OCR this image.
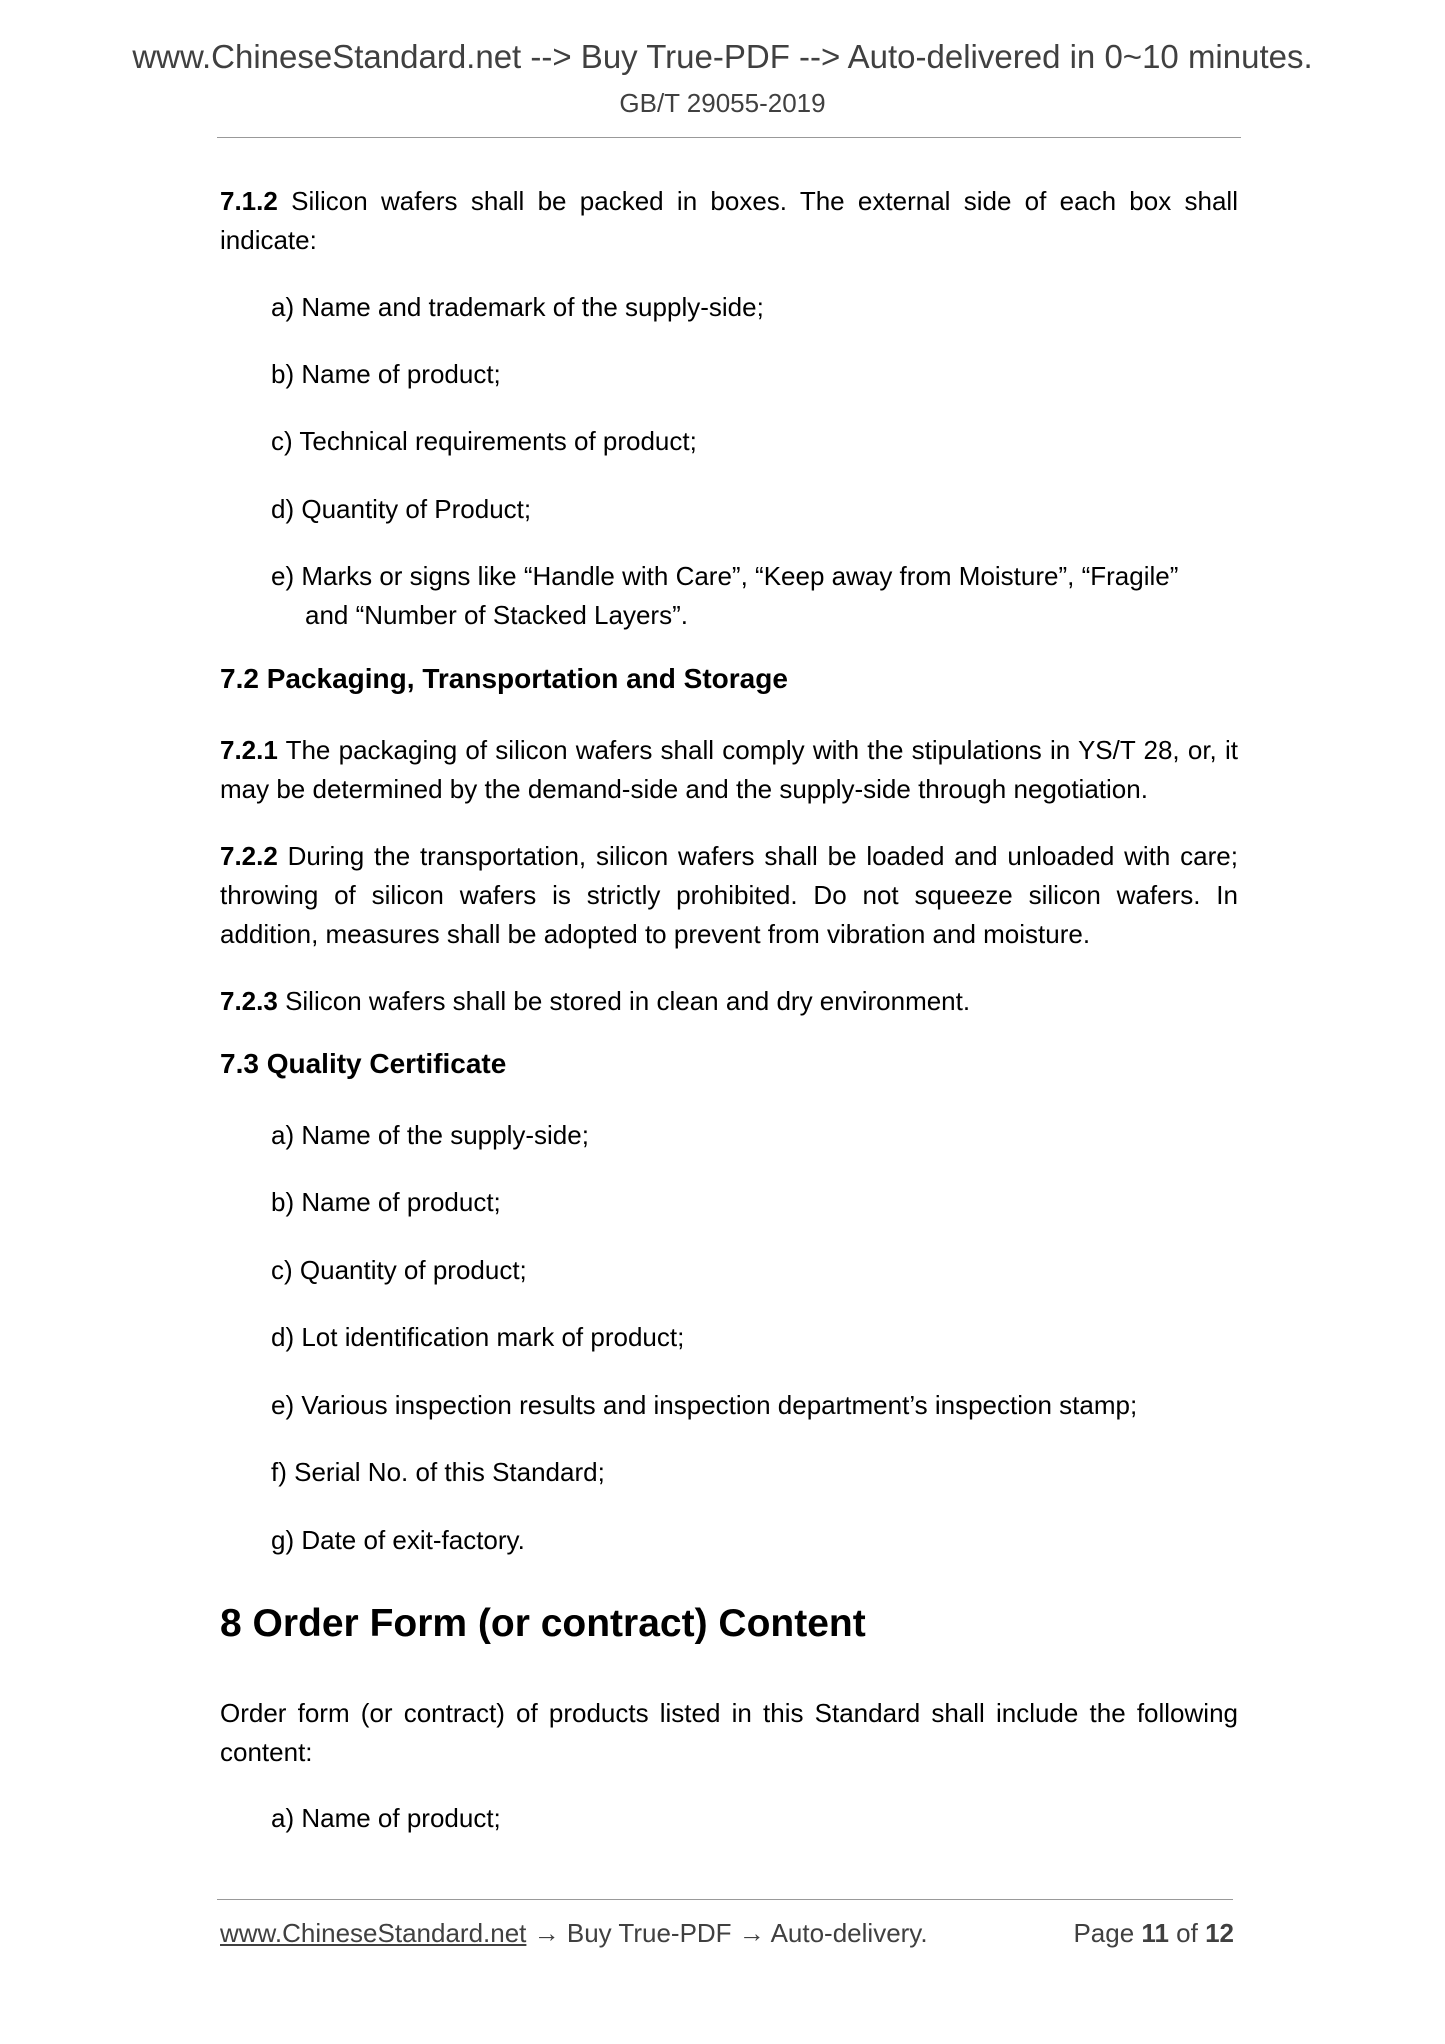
www.ChineseStandard.net --> Buy True-PDF --> Auto-delivered in 0~10 minutes.
GB/T 29055-2019
7.1.2 Silicon wafers shall be packed in boxes. The external side of each box shall indicate:
a) Name and trademark of the supply-side;
b) Name of product;
c) Technical requirements of product;
d) Quantity of Product;
e) Marks or signs like “Handle with Care”, “Keep away from Moisture”, “Fragile”
and “Number of Stacked Layers”.
7.2 Packaging, Transportation and Storage
7.2.1 The packaging of silicon wafers shall comply with the stipulations in YS/T 28, or, it may be determined by the demand-side and the supply-side through negotiation.
7.2.2 During the transportation, silicon wafers shall be loaded and unloaded with care; throwing of silicon wafers is strictly prohibited. Do not squeeze silicon wafers. In addition, measures shall be adopted to prevent from vibration and moisture.
7.2.3 Silicon wafers shall be stored in clean and dry environment.
7.3 Quality Certificate
a) Name of the supply-side;
b) Name of product;
c) Quantity of product;
d) Lot identification mark of product;
e) Various inspection results and inspection department’s inspection stamp;
f) Serial No. of this Standard;
g) Date of exit-factory.
8 Order Form (or contract) Content
Order form (or contract) of products listed in this Standard shall include the following content:
a) Name of product;
www.ChineseStandard.net → Buy True-PDF → Auto-delivery.	Page 11 of 12
